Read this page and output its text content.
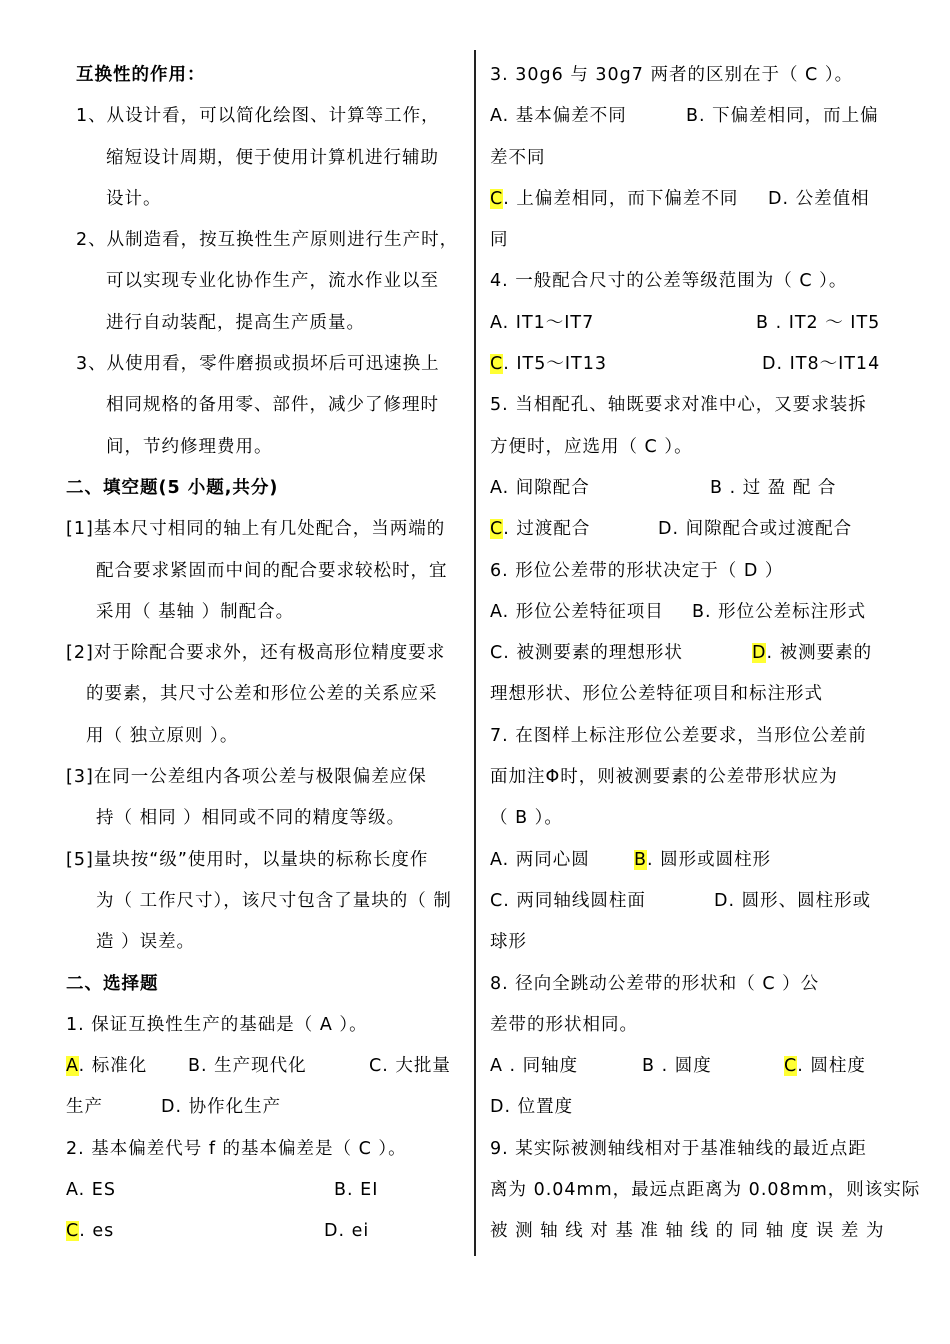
互换性的作用：
1、从设计看，可以简化绘图、计算等工作，
缩短设计周期，便于使用计算机进行辅助
设计。
2、从制造看，按互换性生产原则进行生产时，
可以实现专业化协作生产，流水作业以至
进行自动装配，提高生产质量。
3、从使用看，零件磨损或损坏后可迅速换上
相同规格的备用零、部件，减少了修理时
间，节约修理费用。
二、填空题(5 小题,共分)
[1]基本尺寸相同的轴上有几处配合，当两端的
配合要求紧固而中间的配合要求较松时，宜
采用（ 基轴 ）制配合。
[2]对于除配合要求外，还有极高形位精度要求
的要素，其尺寸公差和形位公差的关系应采
用（ 独立原则 ）。
[3]在同一公差组内各项公差与极限偏差应保
持（ 相同 ）相同或不同的精度等级。
[5]量块按“级”使用时，以量块的标称长度作
为（ 工作尺寸），该尺寸包含了量块的（ 制
造 ）误差。
二、选择题
1. 保证互换性生产的基础是（ A ）。
A. 标准化 B. 生产现代化	C. 大批量
生产	D. 协作化生产
2. 基本偏差代号 f 的基本偏差是（ C ）。
A. ES	B. EI
C. es	D. ei
3. 30g6 与 30g7 两者的区别在于（ C ）。
A. 基本偏差不同	B. 下偏差相同，而上偏
差不同
C. 上偏差相同，而下偏差不同 D. 公差值相
同
4. 一般配合尺寸的公差等级范围为（ C ）。
A. IT1～IT7	B . IT2 ～ IT5
C. IT5～IT13	D. IT8～IT14
5. 当相配孔、轴既要求对准中心，又要求装拆
方便时，应选用（ C ）。
A. 间隙配合	B . 过 盈 配 合
C. 过渡配合	D. 间隙配合或过渡配合
6. 形位公差带的形状决定于（ D ）
A. 形位公差特征项目 B. 形位公差标注形式
C. 被测要素的理想形状	D. 被测要素的
理想形状、形位公差特征项目和标注形式
7. 在图样上标注形位公差要求，当形位公差前
面加注Φ时，则被测要素的公差带形状应为
（ B ）。
A. 两同心圆	B. 圆形或圆柱形
C. 两同轴线圆柱面	D. 圆形、圆柱形或
球形
8. 径向全跳动公差带的形状和（ C ）公
差带的形状相同。
A . 同轴度	B . 圆度	C. 圆柱度
D. 位置度
9. 某实际被测轴线相对于基准轴线的最近点距
离为 0.04mm，最远点距离为 0.08mm，则该实际
被 测 轴 线 对 基 准 轴 线 的 同 轴 度 误 差 为
